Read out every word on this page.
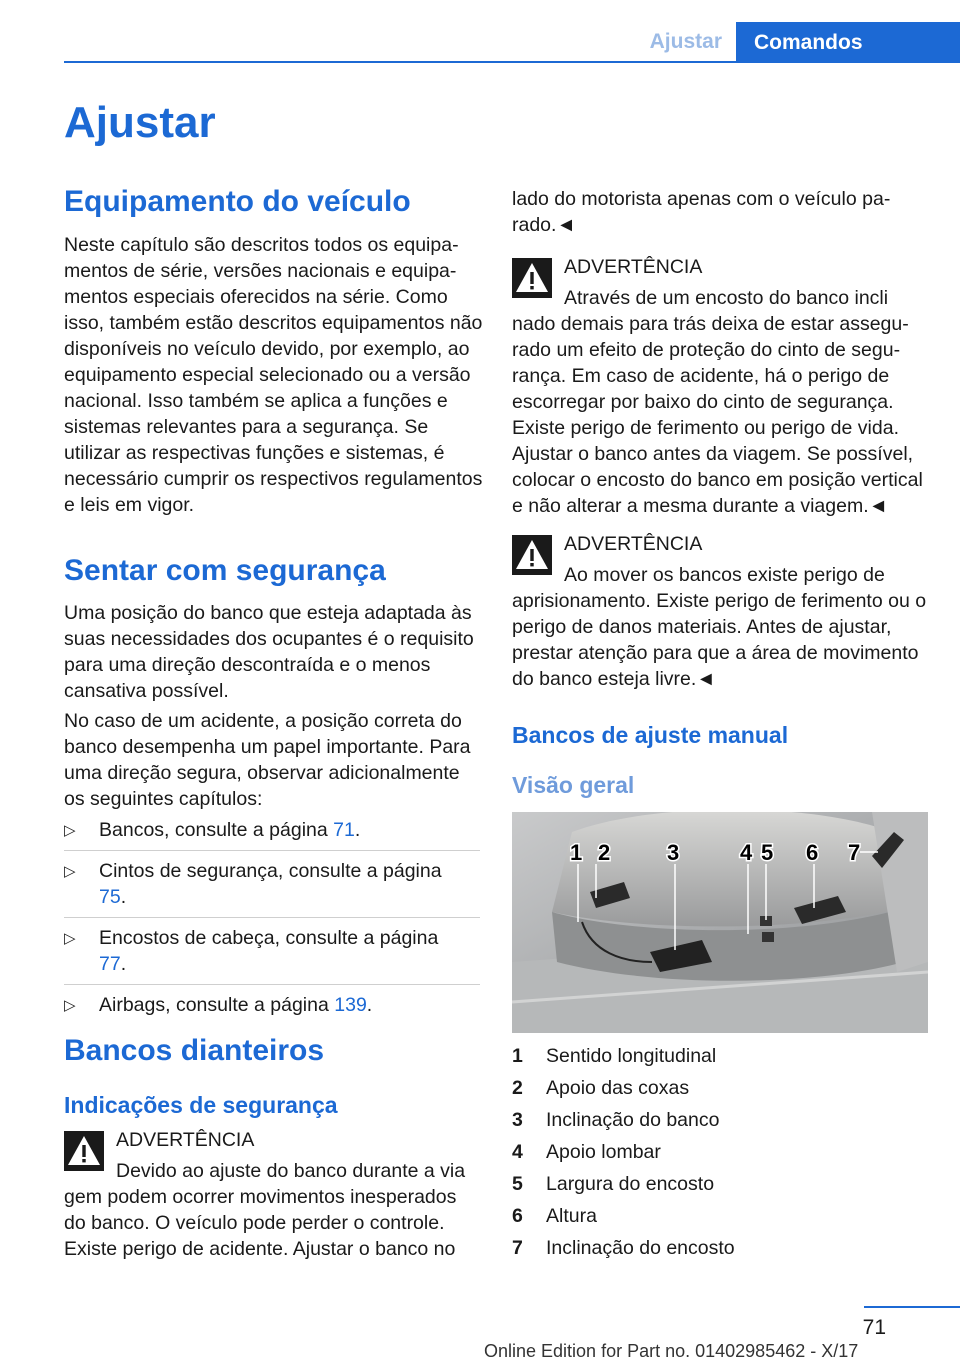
Ajustar	Comandos
Ajustar
Equipamento do veículo
Neste capítulo são descritos todos os equipamentos de série, versões nacionais e equipamentos especiais oferecidos na série. Como isso, também estão descritos equipamentos não disponíveis no veículo devido, por exemplo, ao equipamento especial selecionado ou a versão nacional. Isso também se aplica a funções e sistemas relevantes para a segurança. Se utilizar as respectivas funções e sistemas, é necessário cumprir os respectivos regulamentos e leis em vigor.
Sentar com segurança
Uma posição do banco que esteja adaptada às suas necessidades dos ocupantes é o requisito para uma direção descontraída e o menos cansativa possível.
No caso de um acidente, a posição correta do banco desempenha um papel importante. Para uma direção segura, observar adicionalmente os seguintes capítulos:
▷ Bancos, consulte a página 71.
▷ Cintos de segurança, consulte a página
75.
▷ Encostos de cabeça, consulte a página
77.
▷ Airbags, consulte a página 139.
Bancos dianteiros
Indicações de segurança
ADVERTÊNCIA
Devido ao ajuste do banco durante a via
gem podem ocorrer movimentos inesperados do banco. O veículo pode perder o controle. Existe perigo de acidente. Ajustar o banco no
lado do motorista apenas com o veículo parado.◄
ADVERTÊNCIA
Através de um encosto do banco incli
nado demais para trás deixa de estar assegurado um efeito de proteção do cinto de segurança. Em caso de acidente, há o perigo de escorregar por baixo do cinto de segurança. Existe perigo de ferimento ou perigo de vida. Ajustar o banco antes da viagem. Se possível, colocar o encosto do banco em posição vertical e não alterar a mesma durante a viagem.◄
ADVERTÊNCIA
Ao mover os bancos existe perigo de
aprisionamento. Existe perigo de ferimento ou o perigo de danos materiais. Antes de ajustar, prestar atenção para que a área de movimento do banco esteja livre.◄
Bancos de ajuste manual
Visão geral
1	Sentido longitudinal
2	Apoio das coxas
3	Inclinação do banco
4	Apoio lombar
5	Largura do encosto
6	Altura
7	Inclinação do encosto
1 2	3	4 5 6 7
71
Online Edition for Part no. 01402985462 - X/17
